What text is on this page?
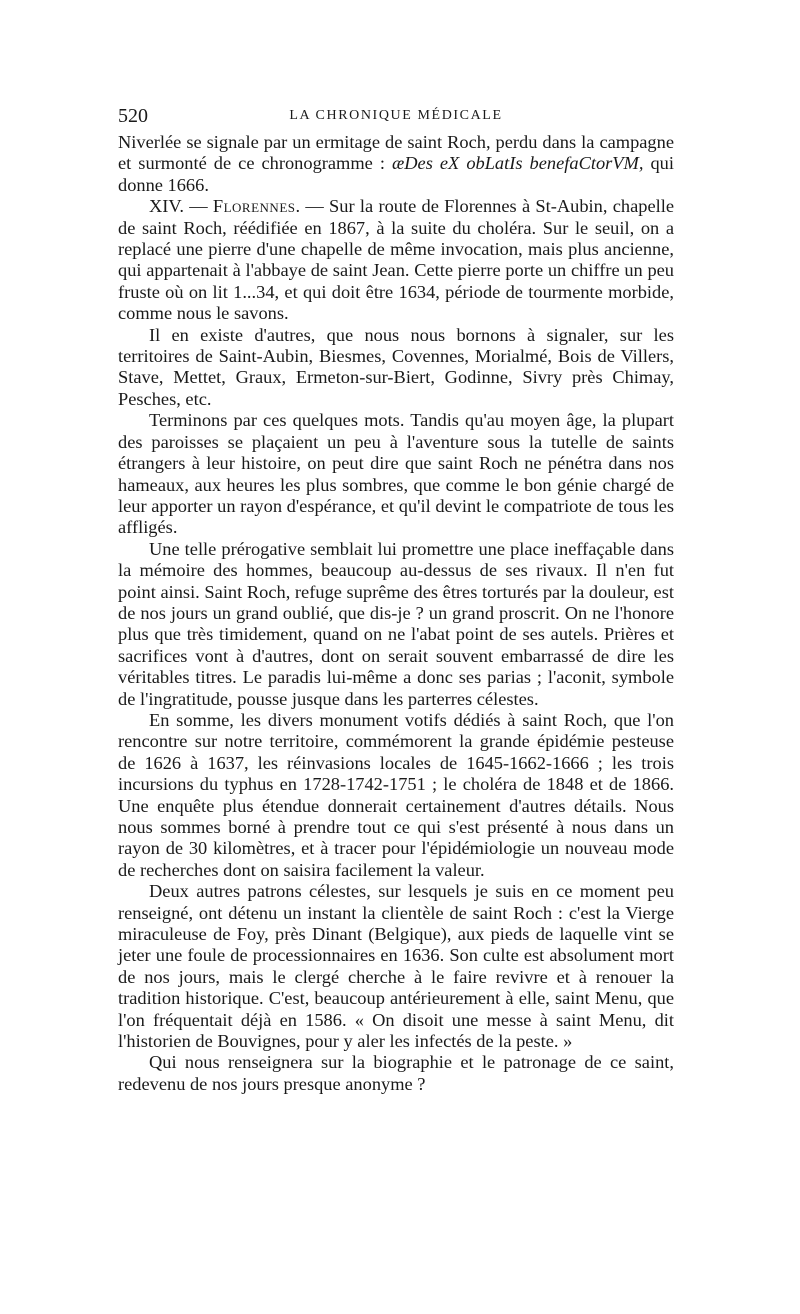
520	LA CHRONIQUE MÉDICALE

Niverlée se signale par un ermitage de saint Roch, perdu dans la campagne et surmonté de ce chronogramme : æDes eX obLatIs benefaCtorVM, qui donne 1666.

XIV. — Florennes. — Sur la route de Florennes à St-Aubin, chapelle de saint Roch, réédifiée en 1867, à la suite du choléra. Sur le seuil, on a replacé une pierre d'une chapelle de même invocation, mais plus ancienne, qui appartenait à l'abbaye de saint Jean. Cette pierre porte un chiffre un peu fruste où on lit 1...34, et qui doit être 1634, période de tourmente morbide, comme nous le savons.

Il en existe d'autres, que nous nous bornons à signaler, sur les territoires de Saint-Aubin, Biesmes, Covennes, Morialmé, Bois de Villers, Stave, Mettet, Graux, Ermeton-sur-Biert, Godinne, Sivry près Chimay, Pesches, etc.

Terminons par ces quelques mots. Tandis qu'au moyen âge, la plupart des paroisses se plaçaient un peu à l'aventure sous la tutelle de saints étrangers à leur histoire, on peut dire que saint Roch ne pénétra dans nos hameaux, aux heures les plus sombres, que comme le bon génie chargé de leur apporter un rayon d'espérance, et qu'il devint le compatriote de tous les affligés.

Une telle prérogative semblait lui promettre une place ineffaçable dans la mémoire des hommes, beaucoup au-dessus de ses rivaux. Il n'en fut point ainsi. Saint Roch, refuge suprême des êtres torturés par la douleur, est de nos jours un grand oublié, que dis-je ? un grand proscrit. On ne l'honore plus que très timidement, quand on ne l'abat point de ses autels. Prières et sacrifices vont à d'autres, dont on serait souvent embarrassé de dire les véritables titres. Le paradis lui-même a donc ses parias ; l'aconit, symbole de l'ingratitude, pousse jusque dans les parterres célestes.

En somme, les divers monument votifs dédiés à saint Roch, que l'on rencontre sur notre territoire, commémorent la grande épidémie pesteuse de 1626 à 1637, les réinvasions locales de 1645-1662-1666 ; les trois incursions du typhus en 1728-1742-1751 ; le choléra de 1848 et de 1866. Une enquête plus étendue donnerait certainement d'autres détails. Nous nous sommes borné à prendre tout ce qui s'est présenté à nous dans un rayon de 30 kilomètres, et à tracer pour l'épidémiologie un nouveau mode de recherches dont on saisira facilement la valeur.

Deux autres patrons célestes, sur lesquels je suis en ce moment peu renseigné, ont détenu un instant la clientèle de saint Roch : c'est la Vierge miraculeuse de Foy, près Dinant (Belgique), aux pieds de laquelle vint se jeter une foule de processionnaires en 1636. Son culte est absolument mort de nos jours, mais le clergé cherche à le faire revivre et à renouer la tradition historique. C'est, beaucoup antérieurement à elle, saint Menu, que l'on fréquentait déjà en 1586. « On disoit une messe à saint Menu, dit l'historien de Bouvignes, pour y aler les infectés de la peste. »

Qui nous renseignera sur la biographie et le patronage de ce saint, redevenu de nos jours presque anonyme ?
